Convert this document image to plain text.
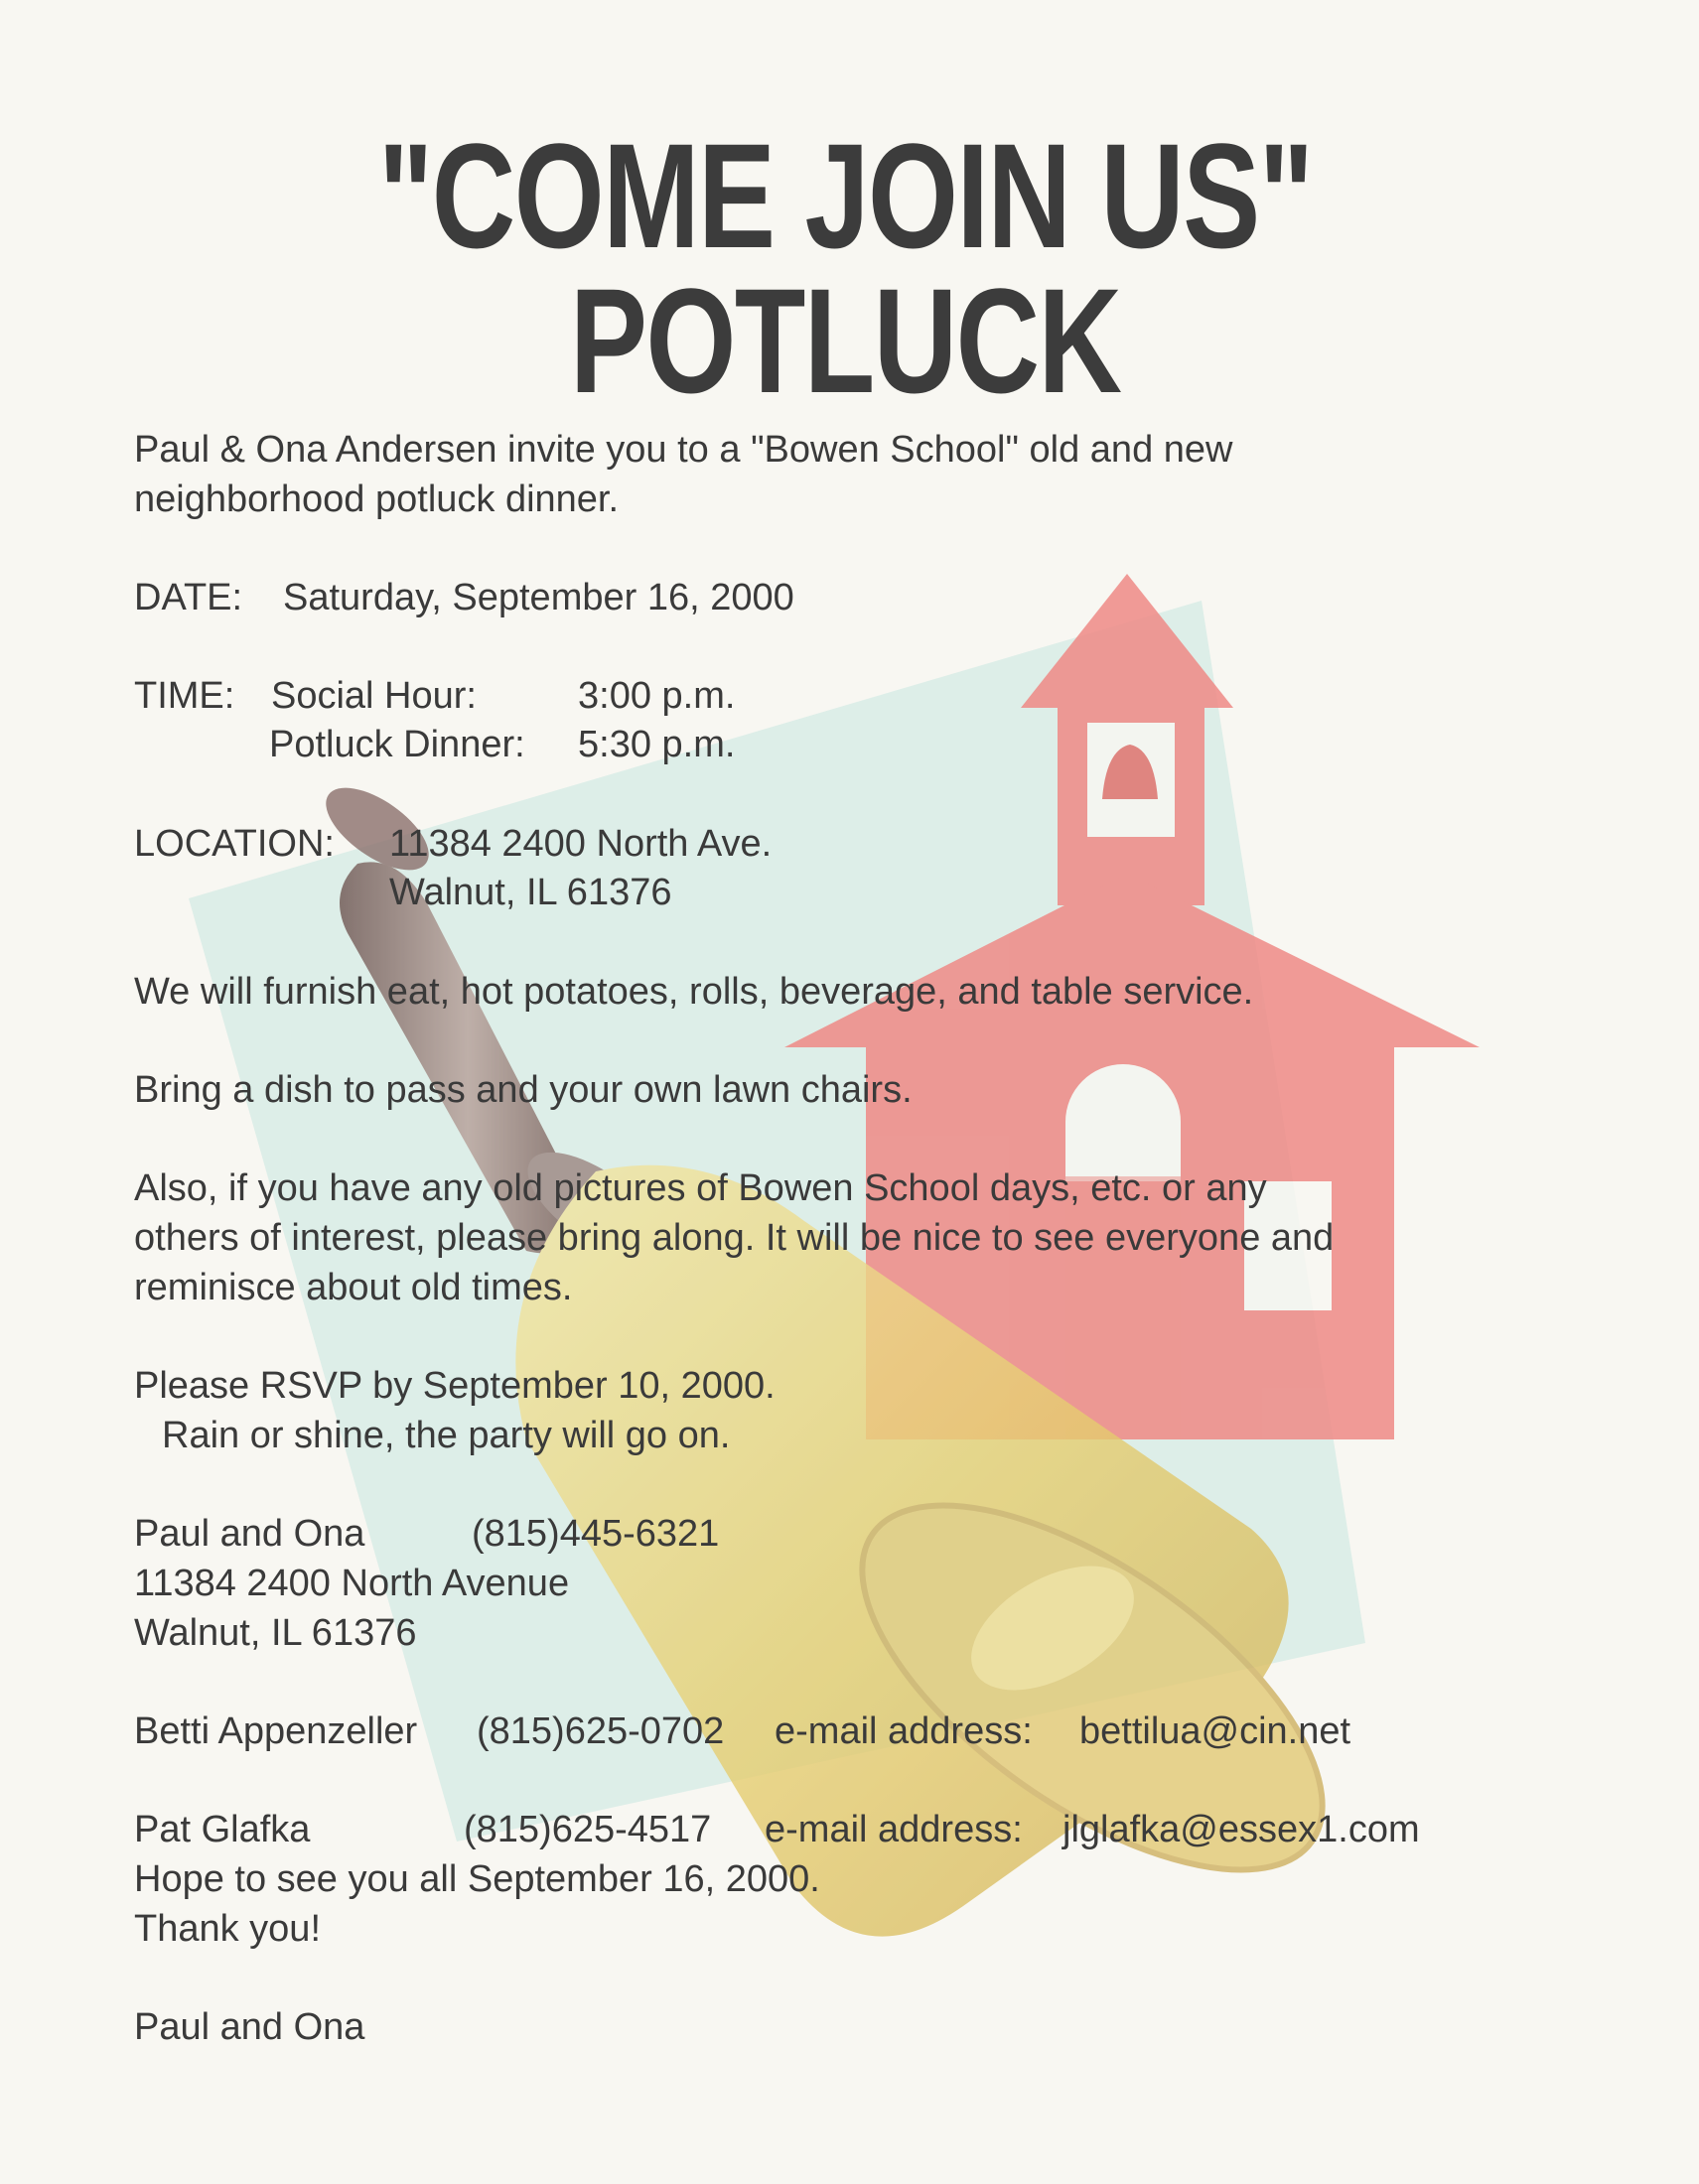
"COME JOIN US"
POTLUCK
Paul & Ona Andersen invite you to a "Bowen School" old and new
neighborhood potluck dinner.
DATE: Saturday, September 16, 2000
TIME: Social Hour:	3:00 p.m.
Potluck Dinner: 5:30 p.m.
LOCATION: 11384 2400 North Ave.
Walnut, IL 61376
We will furnish eat, hot potatoes, rolls, beverage, and table service.
Bring a dish to pass and your own lawn chairs.
Also, if you have any old pictures of Bowen School days, etc. or any
others of interest, please bring along. It will be nice to see everyone and
reminisce about old times.
Please RSVP by September 10, 2000.
Rain or shine, the party will go on.
Paul and Ona	(815)445-6321
11384 2400 North Avenue
Walnut, IL 61376
Betti Appenzeller (815)625-0702 e-mail address: bettilua@cin.net
Pat Glafka	(815)625-4517 e-mail address: jlglafka@essex1.com
Hope to see you all September 16, 2000.
Thank you!
Paul and Ona
